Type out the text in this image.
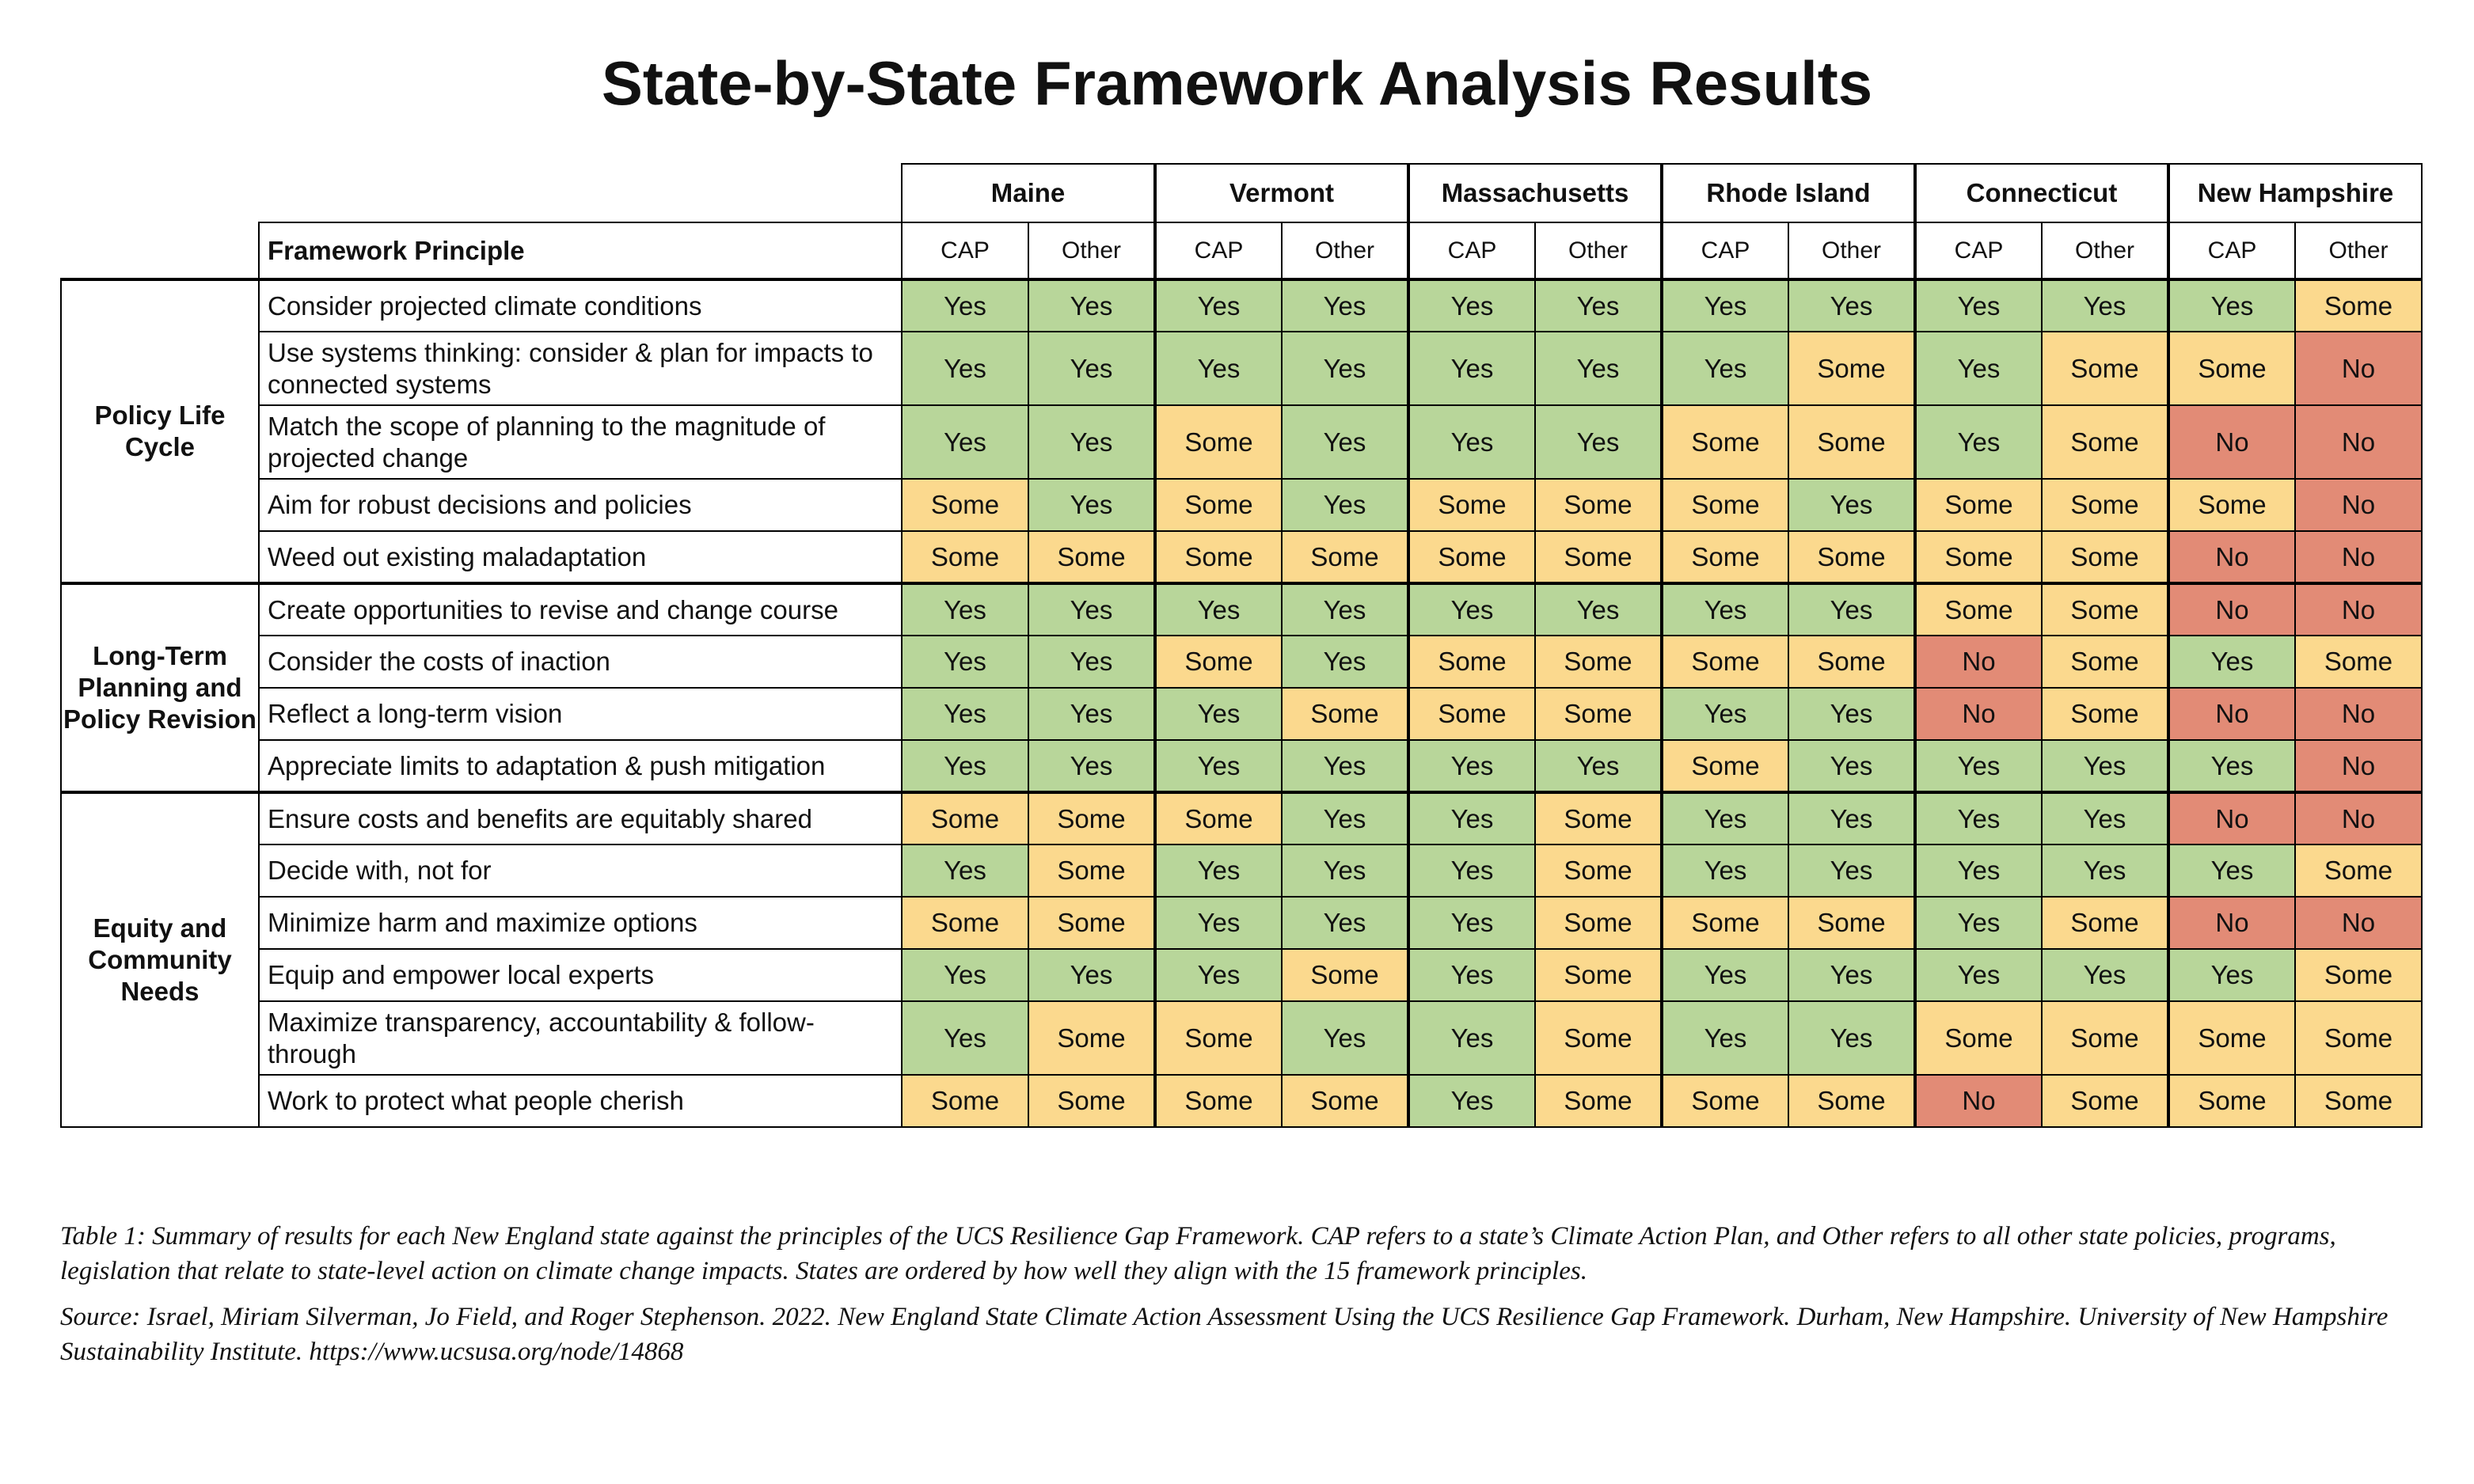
State-by-State Framework Analysis Results
		Maine		Vermont		Massachusetts		Rhode Island		Connecticut		New Hampshire	
	Framework Principle	CAP	Other	CAP	Other	CAP	Other	CAP	Other	CAP	Other	CAP	Other
Policy Life Cycle	Consider projected climate conditions	Yes	Yes	Yes	Yes	Yes	Yes	Yes	Yes	Yes	Yes	Yes	Some
	Use systems thinking: consider & plan for impacts to connected systems	Yes	Yes	Yes	Yes	Yes	Yes	Yes	Some	Yes	Some	Some	No
	Match the scope of planning to the magnitude of projected change	Yes	Yes	Some	Yes	Yes	Yes	Some	Some	Yes	Some	No	No
	Aim for robust decisions and policies	Some	Yes	Some	Yes	Some	Some	Some	Yes	Some	Some	Some	No
	Weed out existing maladaptation	Some	Some	Some	Some	Some	Some	Some	Some	Some	Some	No	No
Long-Term Planning and Policy Revision	Create opportunities to revise and change course	Yes	Yes	Yes	Yes	Yes	Yes	Yes	Yes	Some	Some	No	No
	Consider the costs of inaction	Yes	Yes	Some	Yes	Some	Some	Some	Some	No	Some	Yes	Some
	Reflect a long-term vision	Yes	Yes	Yes	Some	Some	Some	Yes	Yes	No	Some	No	No
	Appreciate limits to adaptation & push mitigation	Yes	Yes	Yes	Yes	Yes	Yes	Some	Yes	Yes	Yes	Yes	No
Equity and Community Needs	Ensure costs and benefits are equitably shared	Some	Some	Some	Yes	Yes	Some	Yes	Yes	Yes	Yes	No	No
	Decide with, not for	Yes	Some	Yes	Yes	Yes	Some	Yes	Yes	Yes	Yes	Yes	Some
	Minimize harm and maximize options	Some	Some	Yes	Yes	Yes	Some	Some	Some	Yes	Some	No	No
	Equip and empower local experts	Yes	Yes	Yes	Some	Yes	Some	Yes	Yes	Yes	Yes	Yes	Some
	Maximize transparency, accountability & follow-through	Yes	Some	Some	Yes	Yes	Some	Yes	Yes	Some	Some	Some	Some
	Work to protect what people cherish	Some	Some	Some	Some	Yes	Some	Some	Some	No	Some	Some	Some

Table 1: Summary of results for each New England state against the principles of the UCS Resilience Gap Framework. CAP refers to a state’s Climate Action Plan, and Other refers to all other state policies, programs, legislation that relate to state-level action on climate change impacts. States are ordered by how well they align with the 15 framework principles.

Source: Israel, Miriam Silverman, Jo Field, and Roger Stephenson. 2022. New England State Climate Action Assessment Using the UCS Resilience Gap Framework. Durham, New Hampshire. University of New Hampshire Sustainability Institute. https://www.ucsusa.org/node/14868
